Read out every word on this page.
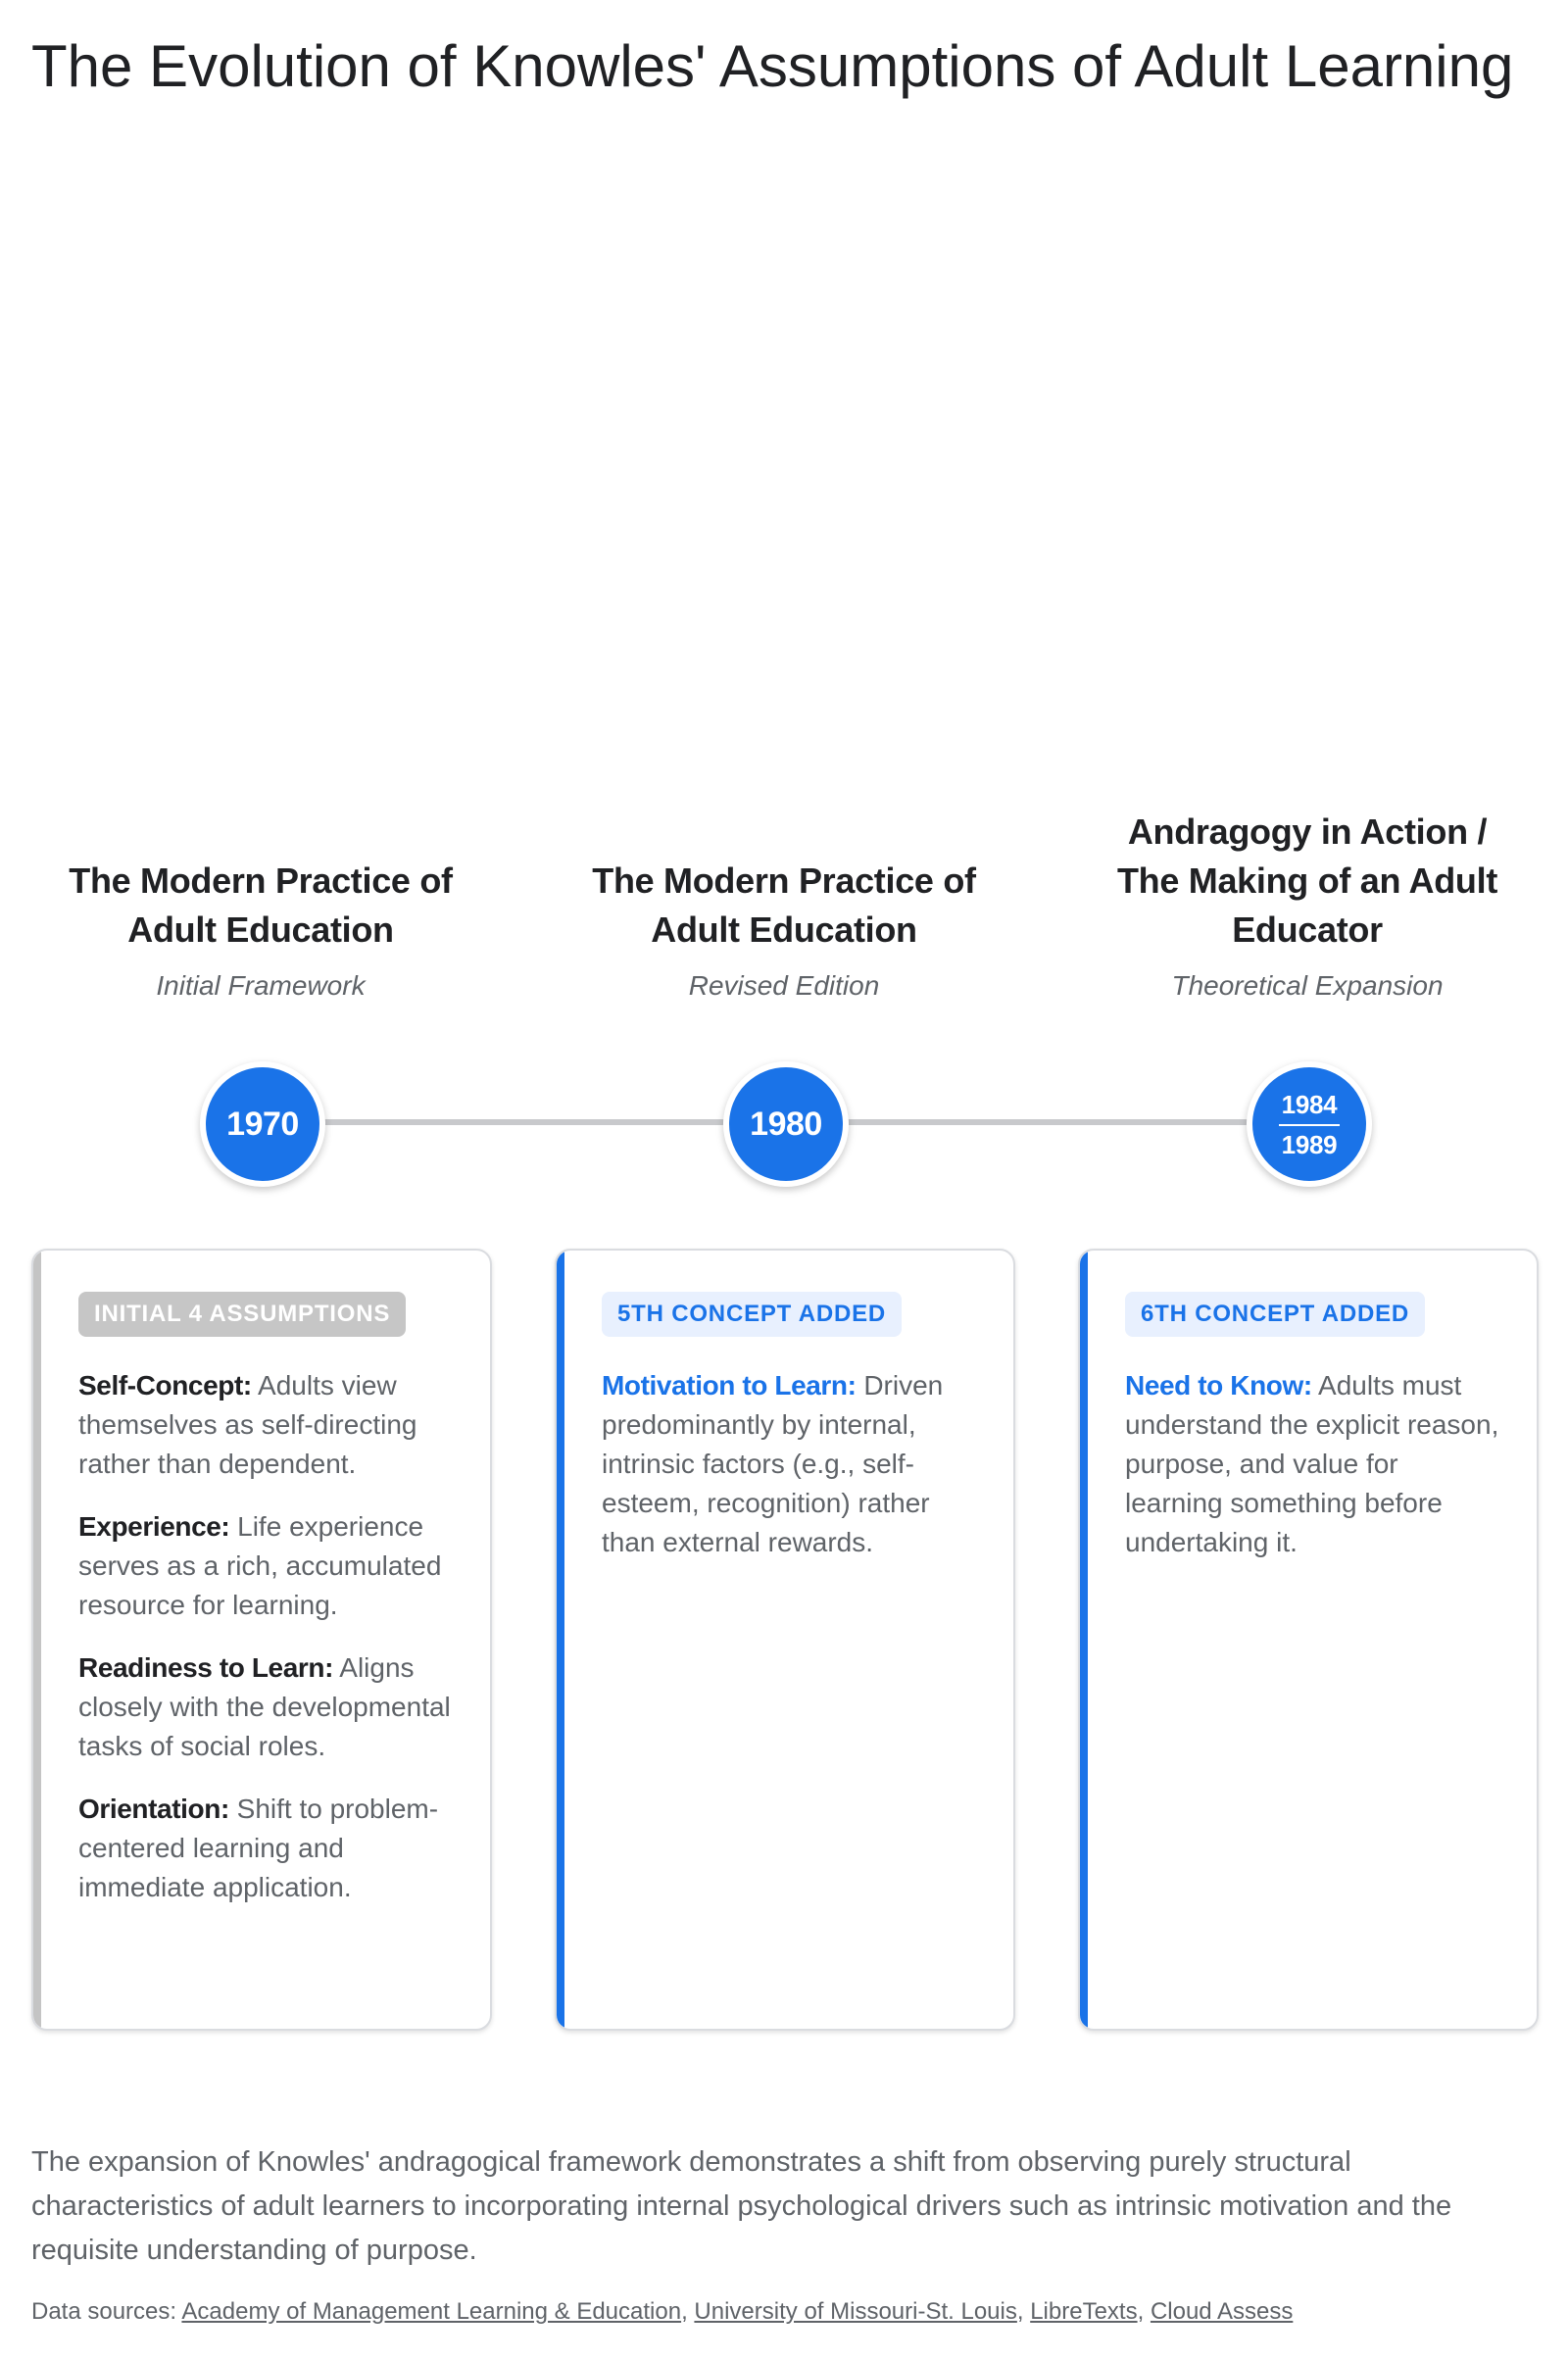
The Evolution of Knowles' Assumptions of Adult Learning
The Modern Practice of
Adult Education
Initial Framework
The Modern Practice of
Adult Education
Revised Edition
Andragogy in Action /
The Making of an Adult
Educator
Theoretical Expansion
1970	1980
1984
1989
INITIAL 4 ASSUMPTIONS
Self-Concept: Adults view themselves as self-directing rather than dependent.
Experience: Life experience serves as a rich, accumulated resource for learning.
Readiness to Learn: Aligns closely with the developmental tasks of social roles.
Orientation: Shift to problem-centered learning and immediate application.
5TH CONCEPT ADDED
Motivation to Learn: Driven predominantly by internal, intrinsic factors (e.g., self-esteem, recognition) rather than external rewards.
6TH CONCEPT ADDED
Need to Know: Adults must understand the explicit reason, purpose, and value for learning something before undertaking it.

The expansion of Knowles' andragogical framework demonstrates a shift from observing purely structural characteristics of adult learners to incorporating internal psychological drivers such as intrinsic motivation and the requisite understanding of purpose.

Data sources: Academy of Management Learning & Education, University of Missouri-St. Louis, LibreTexts, Cloud Assess
